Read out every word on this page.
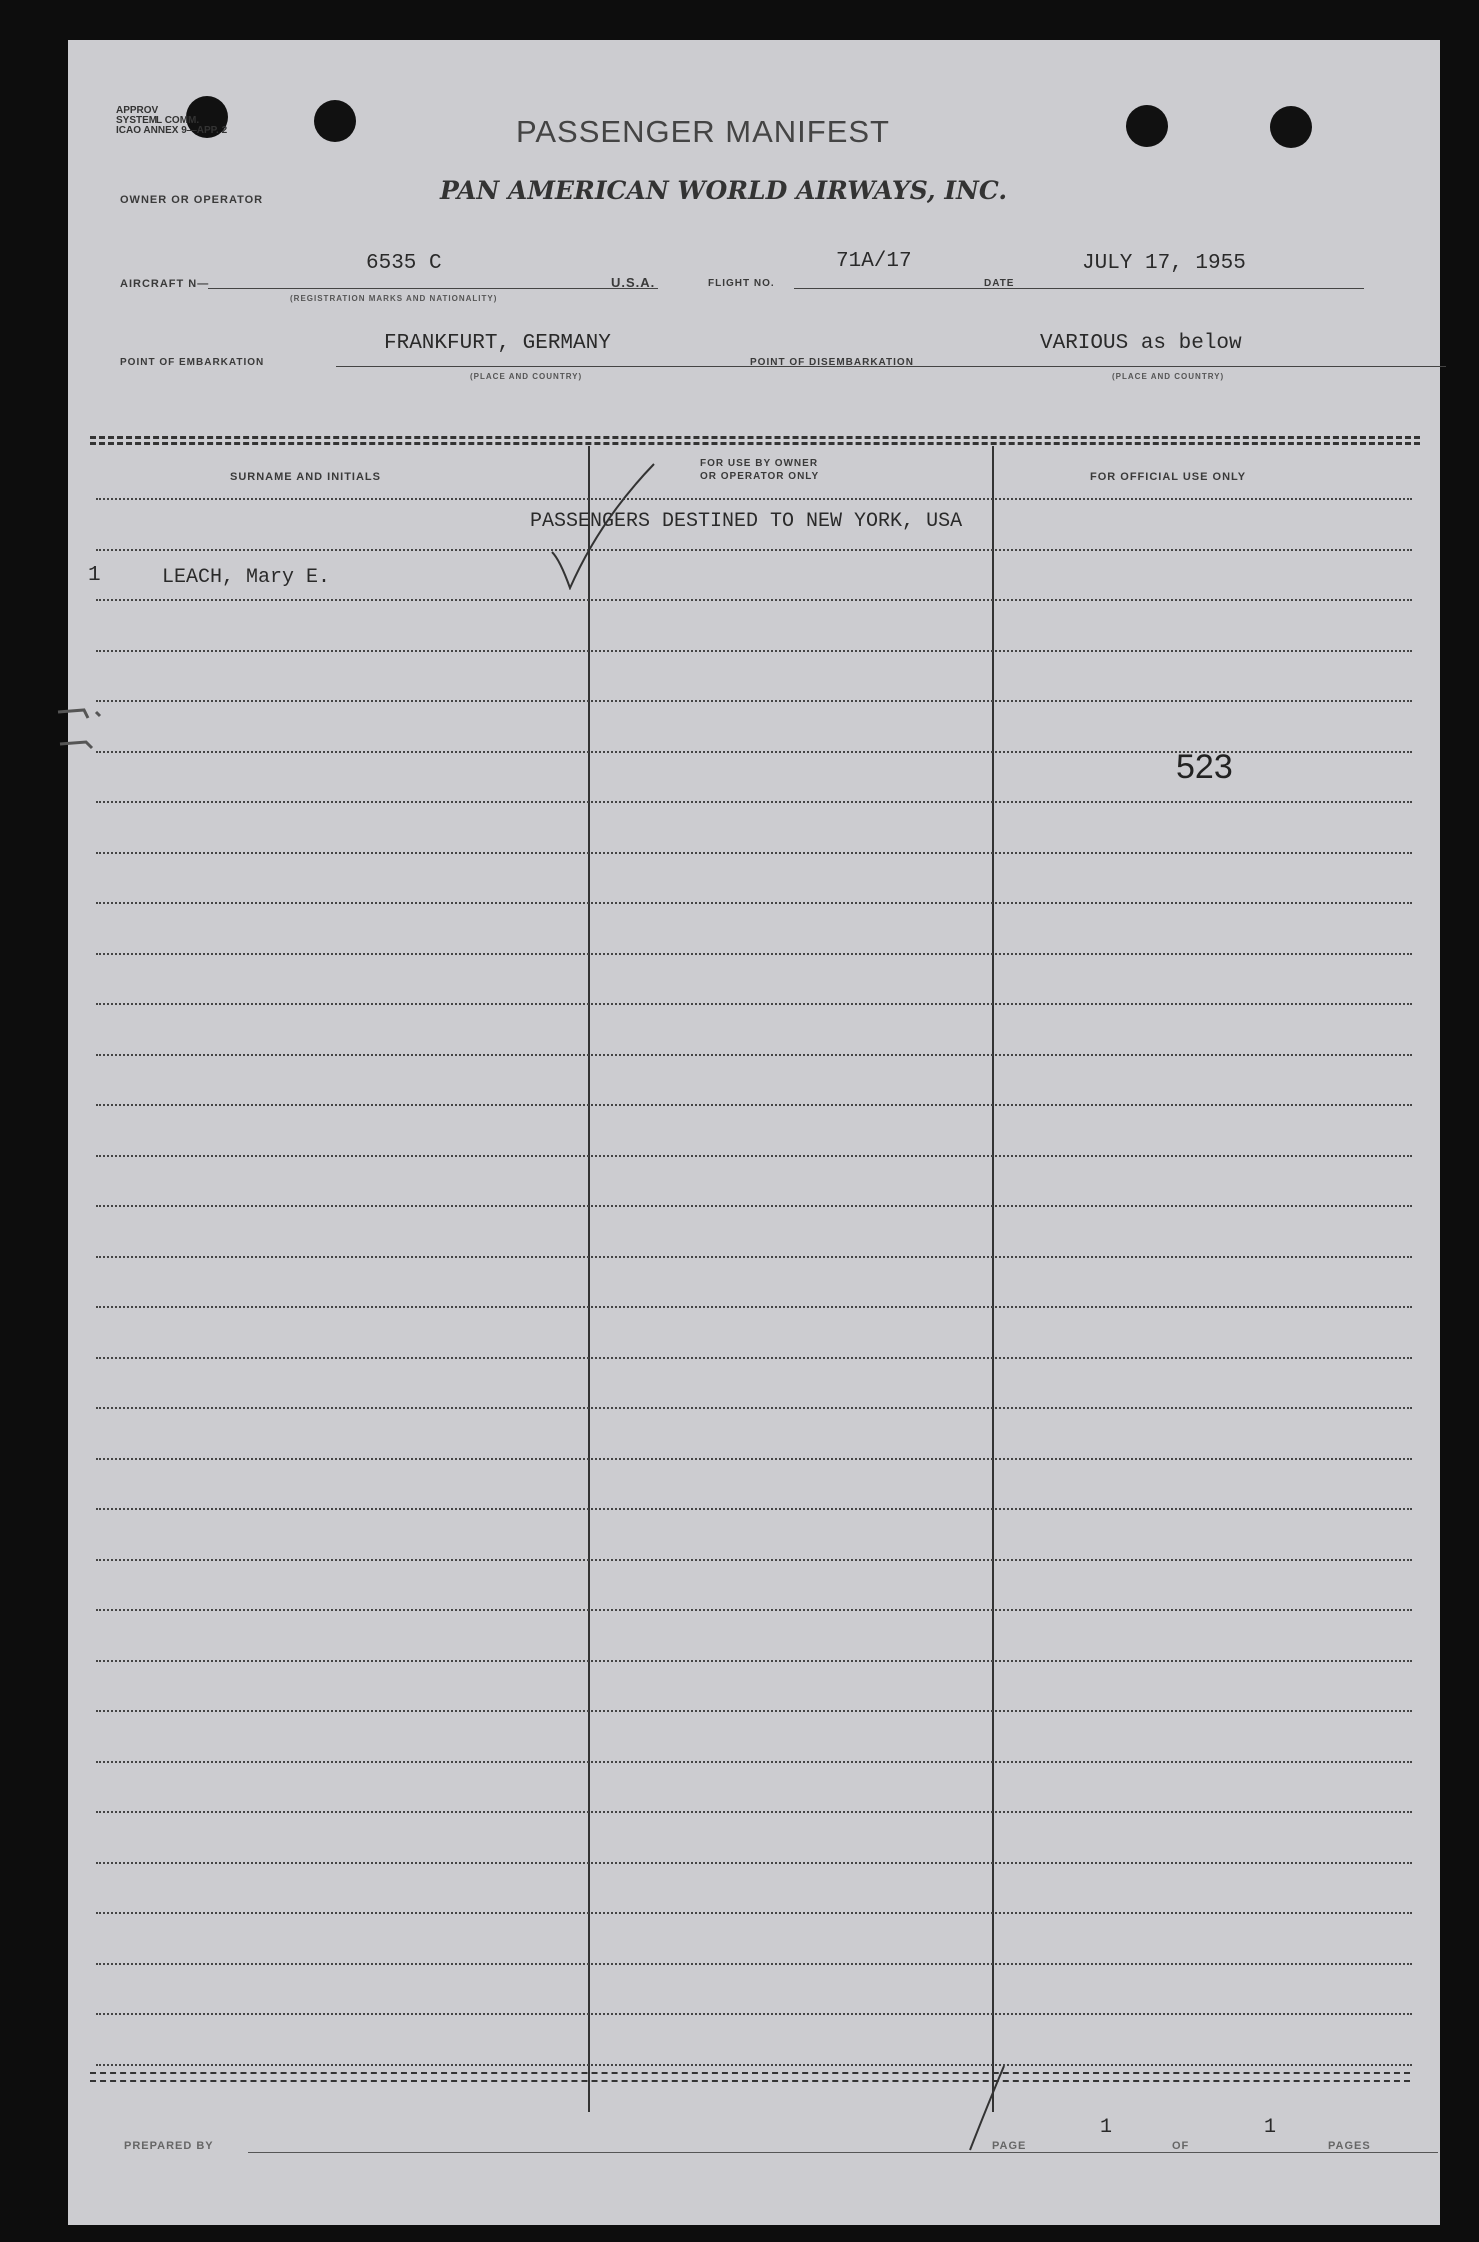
APPROV
SYSTEM
L COMM.
ICAO ANNEX 9—APP. 2	PASSENGER MANIFEST
OWNER OR OPERATOR	PAN AMERICAN WORLD AIRWAYS, INC.
AIRCRAFT N—
6535 C
(REGISTRATION MARKS AND NATIONALITY)
U.S.A.	FLIGHT NO.
71A/17
DATE
JULY 17, 1955
POINT OF EMBARKATION
FRANKFURT, GERMANY
(PLACE AND COUNTRY)
POINT OF DISEMBARKATION
VARIOUS as below
(PLACE AND COUNTRY)
SURNAME AND INITIALS
FOR USE BY OWNER
OR OPERATOR ONLY	FOR OFFICIAL USE ONLY
PASSENGERS DESTINED TO NEW YORK, USA
1	LEACH, Mary E.
523
PREPARED BY	PAGE
1
OF
1
PAGES
